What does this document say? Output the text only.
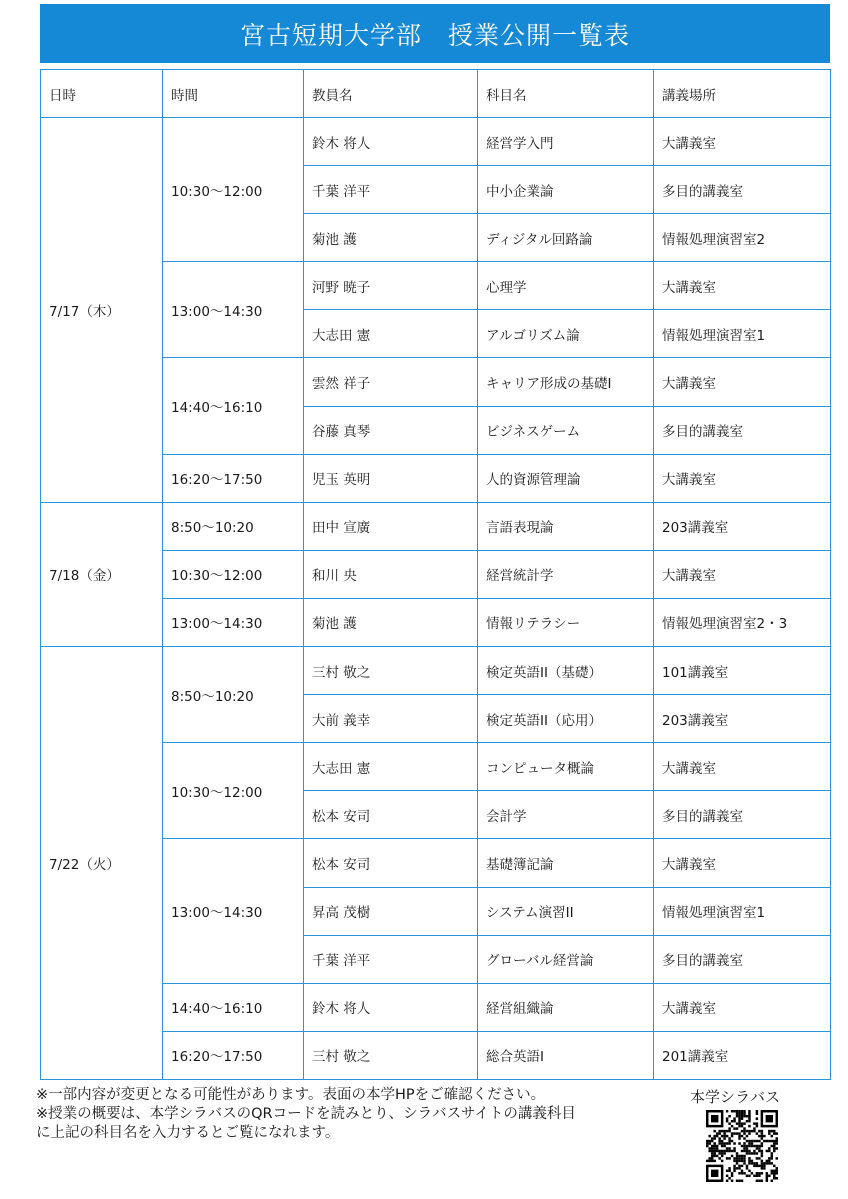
宮古短期大学部　授業公開一覧表
日時	時間	教員名	科目名	講義場所
7/17（木）	10:30〜12:00	鈴木 将人	経営学入門	大講義室
		千葉 洋平	中小企業論	多目的講義室
		菊池 護	ディジタル回路論	情報処理演習室2
	13:00〜14:30	河野 暁子	心理学	大講義室
		大志田 憲	アルゴリズム論	情報処理演習室1
	14:40〜16:10	雲然 祥子	キャリア形成の基礎I	大講義室
		谷藤 真琴	ビジネスゲーム	多目的講義室
	16:20〜17:50	児玉 英明	人的資源管理論	大講義室
7/18（金）	8:50〜10:20	田中 宣廣	言語表現論	203講義室
	10:30〜12:00	和川 央	経営統計学	大講義室
	13:00〜14:30	菊池 護	情報リテラシー	情報処理演習室2・3
7/22（火）	8:50〜10:20	三村 敬之	検定英語II（基礎）	101講義室
		大前 義幸	検定英語II（応用）	203講義室
	10:30〜12:00	大志田 憲	コンピュータ概論	大講義室
		松本 安司	会計学	多目的講義室
	13:00〜14:30	松本 安司	基礎簿記論	大講義室
		昇高 茂樹	システム演習II	情報処理演習室1
		千葉 洋平	グローバル経営論	多目的講義室
	14:40〜16:10	鈴木 将人	経営組織論	大講義室
	16:20〜17:50	三村 敬之	総合英語I	201講義室
※一部内容が変更となる可能性があります。表面の本学HPをご確認ください。
※授業の概要は、本学シラバスのQRコードを読みとり、シラバスサイトの講義科目
に上記の科目名を入力するとご覧になれます。
本学シラバス
